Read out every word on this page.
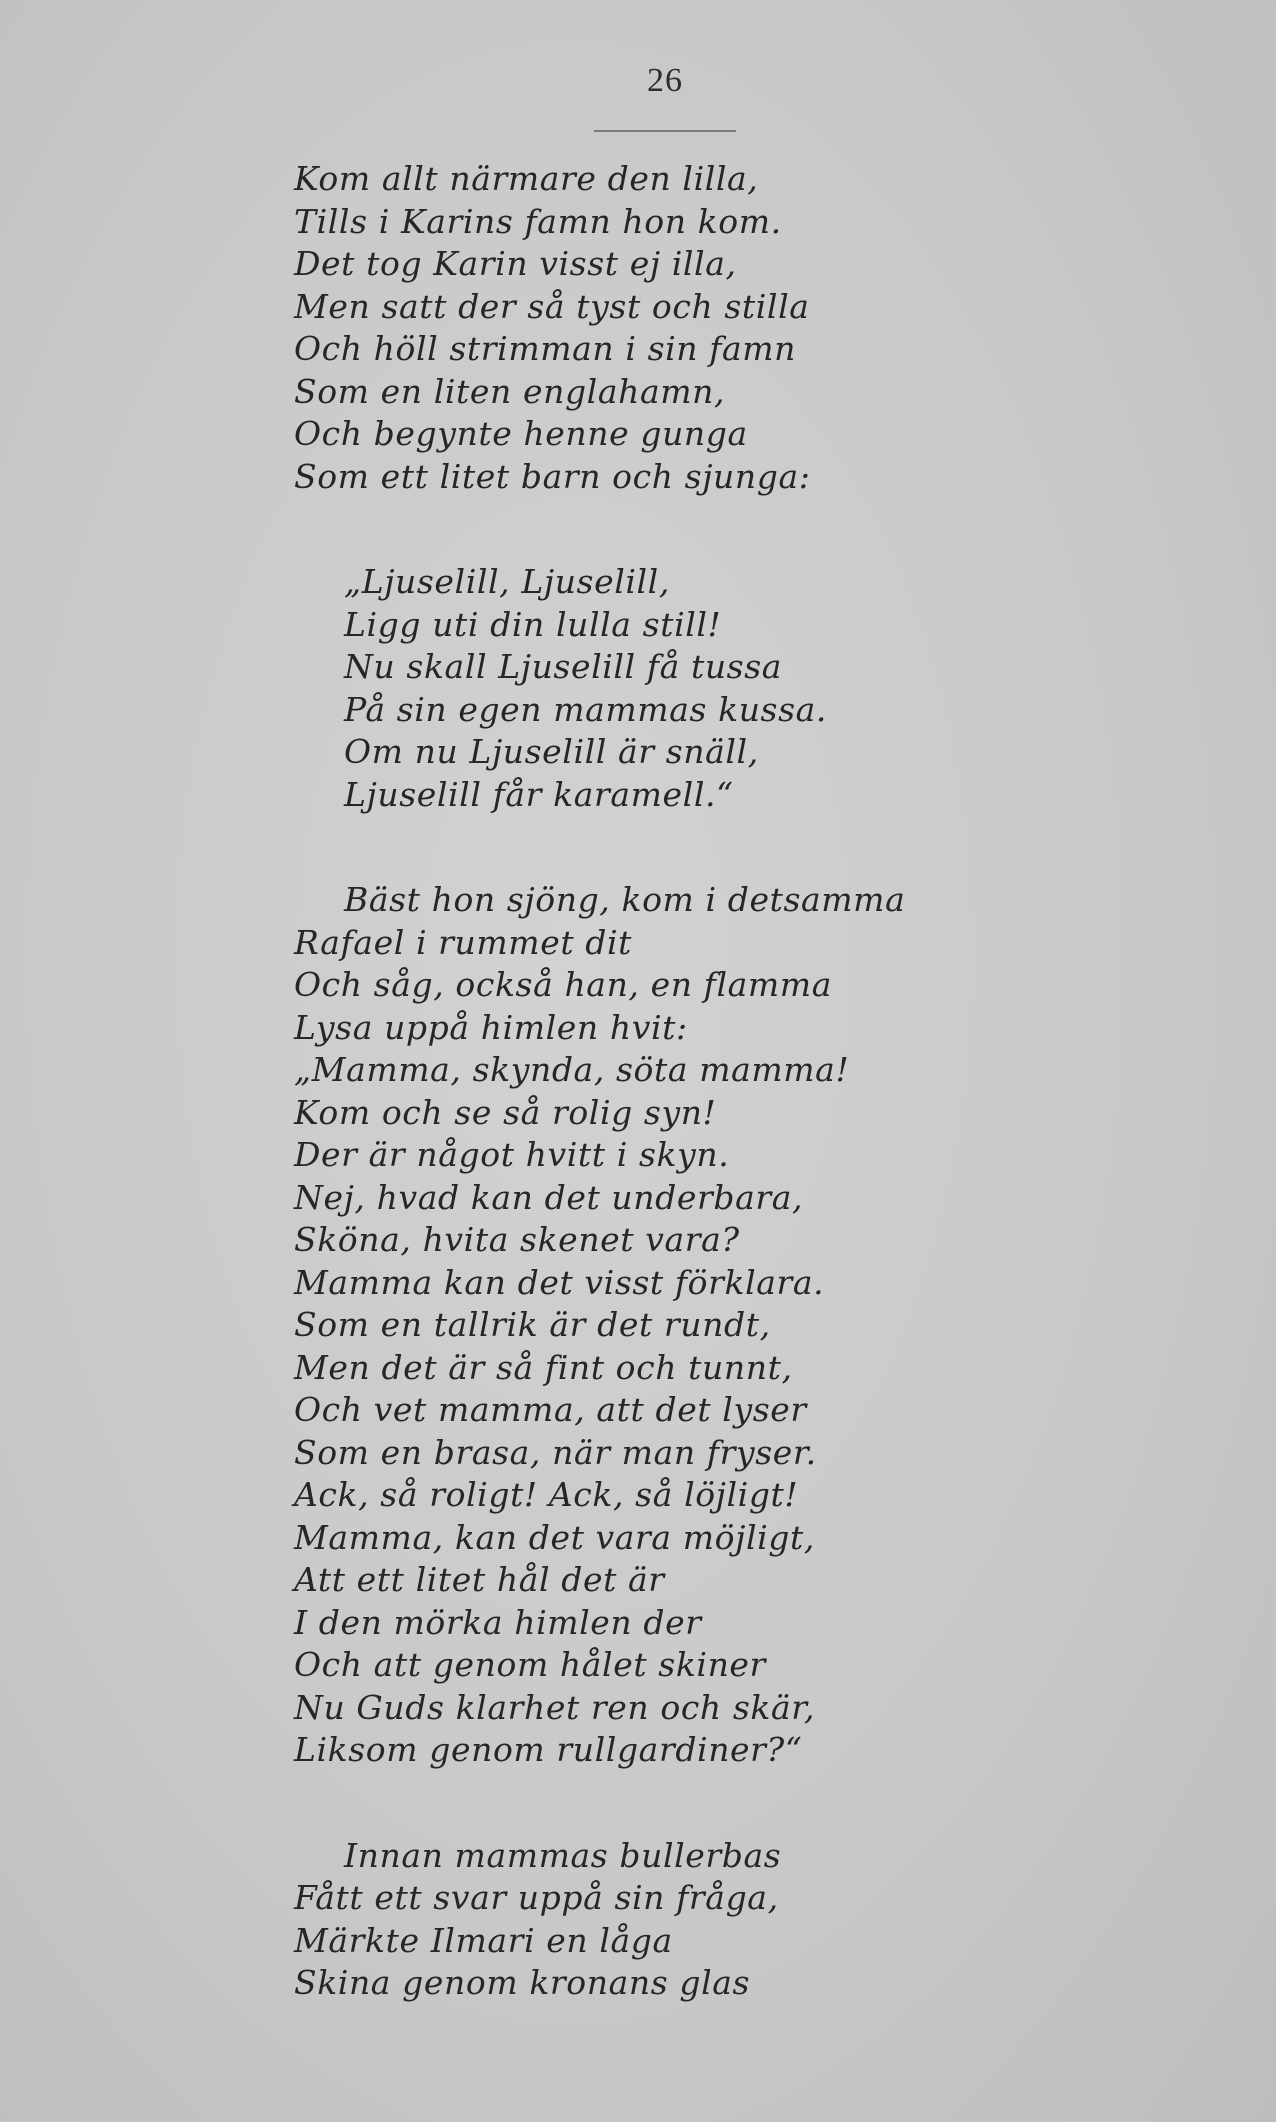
26
Kom allt närmare den lilla,
Tills i Karins famn hon kom.
Det tog Karin visst ej illa,
Men satt der så tyst och stilla
Och höll strimman i sin famn
Som en liten englahamn,
Och begynte henne gunga
Som ett litet barn och sjunga:
„Ljuselill, Ljuselill,
Ligg uti din lulla still!
Nu skall Ljuselill få tussa
På sin egen mammas kussa.
Om nu Ljuselill är snäll,
Ljuselill får karamell.“
Bäst hon sjöng, kom i detsamma
Rafael i rummet dit
Och såg, också han, en flamma
Lysa uppå himlen hvit:
„Mamma, skynda, söta mamma!
Kom och se så rolig syn!
Der är något hvitt i skyn.
Nej, hvad kan det underbara,
Sköna, hvita skenet vara?
Mamma kan det visst förklara.
Som en tallrik är det rundt,
Men det är så fint och tunnt,
Och vet mamma, att det lyser
Som en brasa, när man fryser.
Ack, så roligt! Ack, så löjligt!
Mamma, kan det vara möjligt,
Att ett litet hål det är
I den mörka himlen der
Och att genom hålet skiner
Nu Guds klarhet ren och skär,
Liksom genom rullgardiner?“
Innan mammas bullerbas
Fått ett svar uppå sin fråga,
Märkte Ilmari en låga
Skina genom kronans glas
